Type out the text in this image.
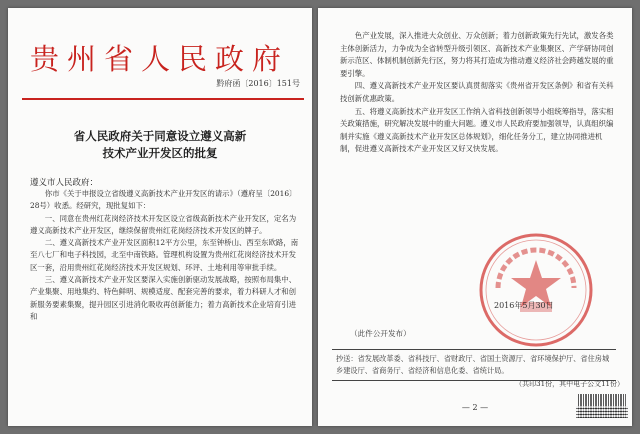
贵州省人民政府
黔府函〔2016〕151号
省人民政府关于同意设立遵义高新
技术产业开发区的批复
遵义市人民政府：

你市《关于申报设立省级遵义高新技术产业开发区的请示》（遵府呈〔2016〕28号）收悉。经研究，现批复如下：

一、同意在贵州红花岗经济技术开发区设立省级高新技术产业开发区，定名为遵义高新技术产业开发区，继续保留贵州红花岗经济技术开发区的牌子。

二、遵义高新技术产业开发区面积12平方公里，东至钟桥山、西至东欧路，南至八七厂和电子科技园，北至中南铁路。管理机构设置为贵州红花岗经济技术开发区一套，沿用贵州红花岗经济技术开发区规划、环评、土地利用等审批手续。

三、遵义高新技术产业开发区要深入实施创新驱动发展战略，按照布局集中、产业集聚、用地集约、特色鲜明、规模适度、配套完善的要求，着力科研人才和创新服务要素集聚，提升园区引进消化吸收再创新能力；着力高新技术企业培育引进和

色产业发展，深入推进大众创业、万众创新；着力创新政策先行先试，激发各类主体创新活力，力争成为全省转型升级引领区、高新技术产业集聚区、产学研协同创新示范区、体制机制创新先行区，努力将其打造成为推动遵义经济社会跨越发展的重要引擎。

四、遵义高新技术产业开发区要认真贯彻落实《贵州省开发区条例》和省有关科技创新优惠政策。

五、将遵义高新技术产业开发区工作纳入省科技创新领导小组统筹指导，落实相关政策措施，研究解决发展中的重大问题。遵义市人民政府要加强领导，认真组织编制并实施《遵义高新技术产业开发区总体规划》，细化任务分工，建立协同推进机制，促进遵义高新技术产业开发区又好又快发展。

2016年5月30日
（此件公开发布）
抄送：省发展改革委、省科技厅、省财政厅、省国土资源厅、省环境保护厅、省住房城乡建设厅、省商务厅、省经济和信息化委、省统计局。
（共印31份，其中电子公文11份）
— 2 —
